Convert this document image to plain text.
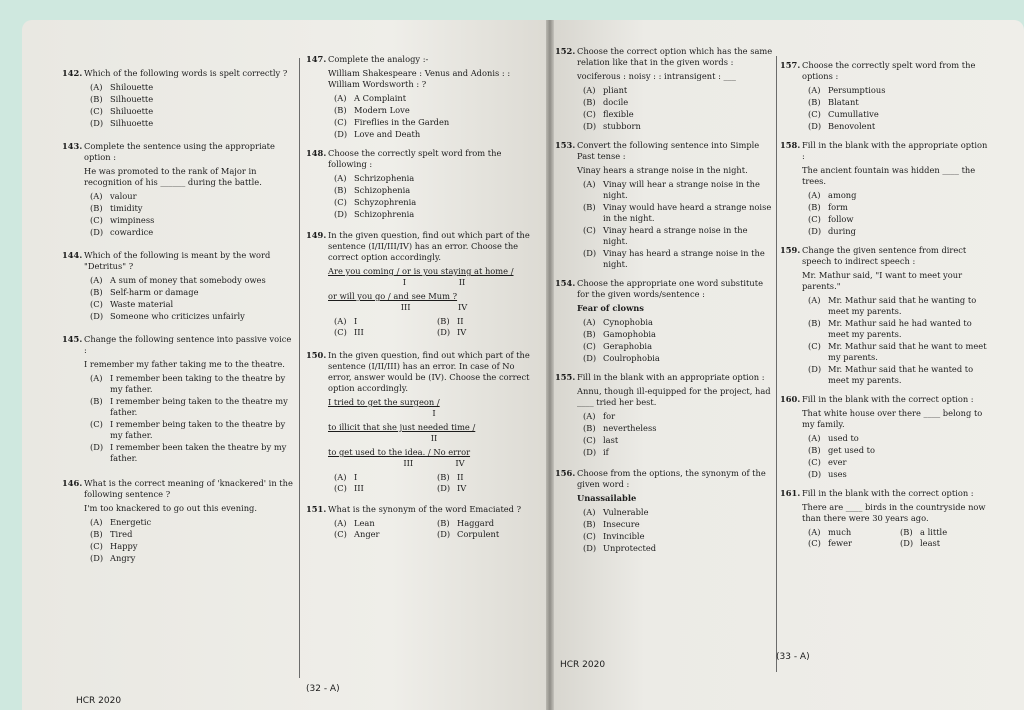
142. Which of the following words is spelt correctly ?
(A) Shilouette
(B) Silhouette
(C) Shiluoette
(D) Silhuoette
143. Complete the sentence using the appropriate option :
He was promoted to the rank of Major in recognition of his ______ during the battle.
(A) valour
(B) timidity
(C) wimpiness
(D) cowardice
144. Which of the following is meant by the word "Detritus" ?
(A) A sum of money that somebody owes
(B) Self-harm or damage
(C) Waste material
(D) Someone who criticizes unfairly
145. Change the following sentence into passive voice :
I remember my father taking me to the theatre.
(A) I remember been taking to the theatre by my father.
(B) I remember being taken to the theatre my father.
(C) I remember being taken to the theatre by my father.
(D) I remember been taken the theatre by my father.
146. What is the correct meaning of 'knackered' in the following sentence ?
I'm too knackered to go out this evening.
(A) Energetic
(B) Tired
(C) Happy
(D) Angry
147. Complete the analogy :-
William Shakespeare : Venus and Adonis : : William Wordsworth : ?
(A) A Complaint
(B) Modern Love
(C) Fireflies in the Garden
(D) Love and Death
148. Choose the correctly spelt word from the following :
(A) Schrizophenia
(B) Schizophenia
(C) Schyzophrenia
(D) Schizophrenia
149. In the given question, find out which part of the sentence (I/II/III/IV) has an error. Choose the correct option accordingly.
Are you coming / or is you staying at home /
I                    II
or will you go / and see Mum ?
III                  IV
(A) I	(B) II
(C) III	(D) IV
150. In the given question, find out which part of the sentence (I/II/III) has an error. In case of No error, answer would be (IV). Choose the correct option accordingly.
I tried to get the surgeon /
I
to illicit that she just needed time /
II
to get used to the idea. / No error
III                IV
(A) I	(B) II
(C) III	(D) IV
151. What is the synonym of the word Emaciated ?
(A) Lean	(B) Haggard
(C) Anger	(D) Corpulent
152. Choose the correct option which has the same relation like that in the given words :
vociferous : noisy : : intransigent : ___
(A) pliant
(B) docile
(C) flexible
(D) stubborn
153. Convert the following sentence into Simple Past tense :
Vinay hears a strange noise in the night.
(A) Vinay will hear a strange noise in the night.
(B) Vinay would have heard a strange noise in the night.
(C) Vinay heard a strange noise in the night.
(D) Vinay has heard a strange noise in the night.
154. Choose the appropriate one word substitute for the given words/sentence :
Fear of clowns
(A) Cynophobia
(B) Gamophobia
(C) Geraphobia
(D) Coulrophobia
155. Fill in the blank with an appropriate option :
Annu, though ill-equipped for the project, had ____ tried her best.
(A) for
(B) nevertheless
(C) last
(D) if
156. Choose from the options, the synonym of the given word :
Unassailable
(A) Vulnerable
(B) Insecure
(C) Invincible
(D) Unprotected
157. Choose the correctly spelt word from the options :
(A) Persumptious
(B) Blatant
(C) Cumullative
(D) Benovolent
158. Fill in the blank with the appropriate option :
The ancient fountain was hidden ____ the trees.
(A) among
(B) form
(C) follow
(D) during
159. Change the given sentence from direct speech to indirect speech :
Mr. Mathur said, "I want to meet your parents."
(A) Mr. Mathur said that he wanting to meet my parents.
(B) Mr. Mathur said he had wanted to meet my parents.
(C) Mr. Mathur said that he want to meet my parents.
(D) Mr. Mathur said that he wanted to meet my parents.
160. Fill in the blank with the correct option :
That white house over there ____ belong to my family.
(A) used to
(B) get used to
(C) ever
(D) uses
161. Fill in the blank with the correct option :
There are ____ birds in the countryside now than there were 30 years ago.
(A) much	(B) a little
(C) fewer	(D) least
HCR 2020
(32 - A)
HCR 2020
(33 - A)
